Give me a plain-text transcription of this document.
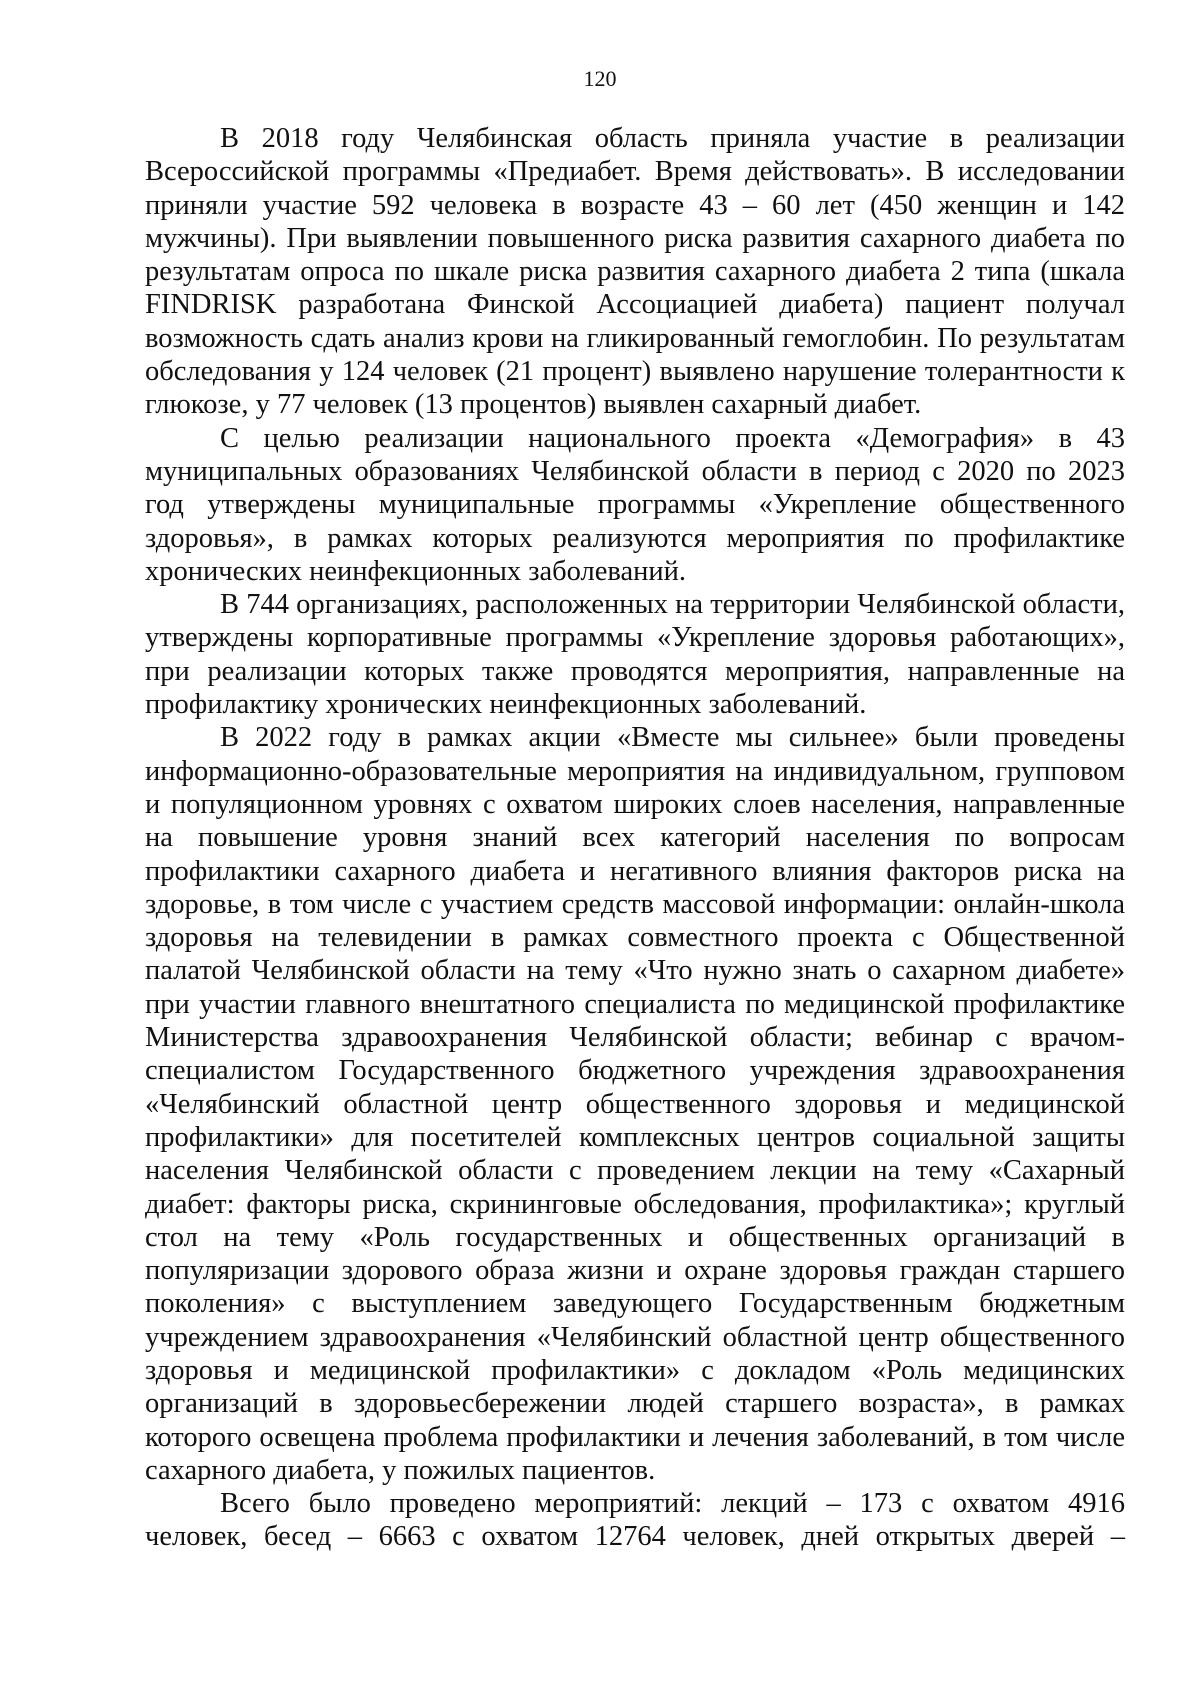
120

В 2018 году Челябинская область приняла участие в реализации Всероссийской программы «Предиабет. Время действовать». В исследовании приняли участие 592 человека в возрасте 43 – 60 лет (450 женщин и 142 мужчины). При выявлении повышенного риска развития сахарного диабета по результатам опроса по шкале риска развития сахарного диабета 2 типа (шкала FINDRISK разработана Финской Ассоциацией диабета) пациент получал возможность сдать анализ крови на гликированный гемоглобин. По результатам обследования у 124 человек (21 процент) выявлено нарушение толерантности к глюкозе, у 77 человек (13 процентов) выявлен сахарный диабет.

С целью реализации национального проекта «Демография» в 43 муниципальных образованиях Челябинской области в период с 2020 по 2023 год утверждены муниципальные программы «Укрепление общественного здоровья», в рамках которых реализуются мероприятия по профилактике хронических неинфекционных заболеваний.

В 744 организациях, расположенных на территории Челябинской области, утверждены корпоративные программы «Укрепление здоровья работающих», при реализации которых также проводятся мероприятия, направленные на профилактику хронических неинфекционных заболеваний.

В 2022 году в рамках акции «Вместе мы сильнее» были проведены информационно-образовательные мероприятия на индивидуальном, групповом и популяционном уровнях с охватом широких слоев населения, направленные на повышение уровня знаний всех категорий населения по вопросам профилактики сахарного диабета и негативного влияния факторов риска на здоровье, в том числе с участием средств массовой информации: онлайн-школа здоровья на телевидении в рамках совместного проекта с Общественной палатой Челябинской области на тему «Что нужно знать о сахарном диабете» при участии главного внештатного специалиста по медицинской профилактике Министерства здравоохранения Челябинской области; вебинар с врачом-специалистом Государственного бюджетного учреждения здравоохранения «Челябинский областной центр общественного здоровья и медицинской профилактики» для посетителей комплексных центров социальной защиты населения Челябинской области с проведением лекции на тему «Сахарный диабет: факторы риска, скрининговые обследования, профилактика»; круглый стол на тему «Роль государственных и общественных организаций в популяризации здорового образа жизни и охране здоровья граждан старшего поколения» с выступлением заведующего Государственным бюджетным учреждением здравоохранения «Челябинский областной центр общественного здоровья и медицинской профилактики» с докладом «Роль медицинских организаций в здоровьесбережении людей старшего возраста», в рамках которого освещена проблема профилактики и лечения заболеваний, в том числе сахарного диабета, у пожилых пациентов.

Всего было проведено мероприятий: лекций – 173 с охватом 4916 человек, бесед – 6663 с охватом 12764 человек, дней открытых дверей –
